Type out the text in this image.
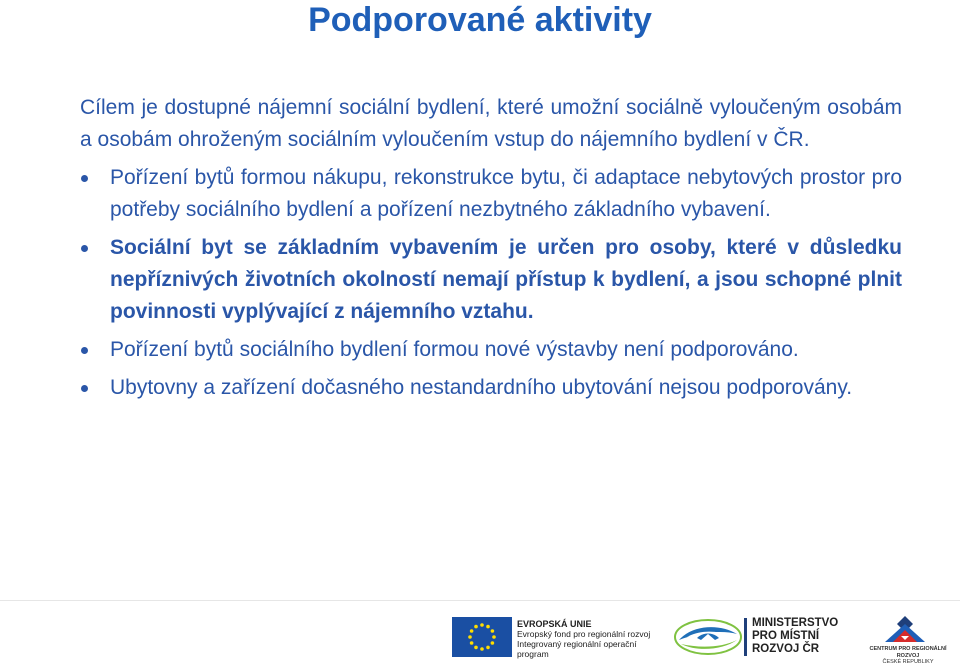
Podporované aktivity

Cílem je dostupné nájemní sociální bydlení, které umožní sociálně vyloučeným osobám a osobám ohroženým sociálním vyloučením vstup do nájemního bydlení v ČR.

Pořízení bytů formou nákupu, rekonstrukce bytu, či adaptace nebytových prostor pro potřeby sociálního bydlení a pořízení nezbytného základního vybavení.
Sociální byt se základním vybavením je určen pro osoby, které v důsledku nepříznivých životních okolností nemají přístup k bydlení, a jsou schopné plnit povinnosti vyplývající z nájemního vztahu.
Pořízení bytů sociálního bydlení formou nové výstavby není podporováno.
Ubytovny a zařízení dočasného nestandardního ubytování nejsou podporovány.
EVROPSKÁ UNIE
Evropský fond pro regionální rozvoj
Integrovaný regionální operační program
MINISTERSTVO
PRO MÍSTNÍ
ROZVOJ ČR	CENTRUM PRO REGIONÁLNÍ ROZVOJ
ČESKÉ REPUBLIKY
